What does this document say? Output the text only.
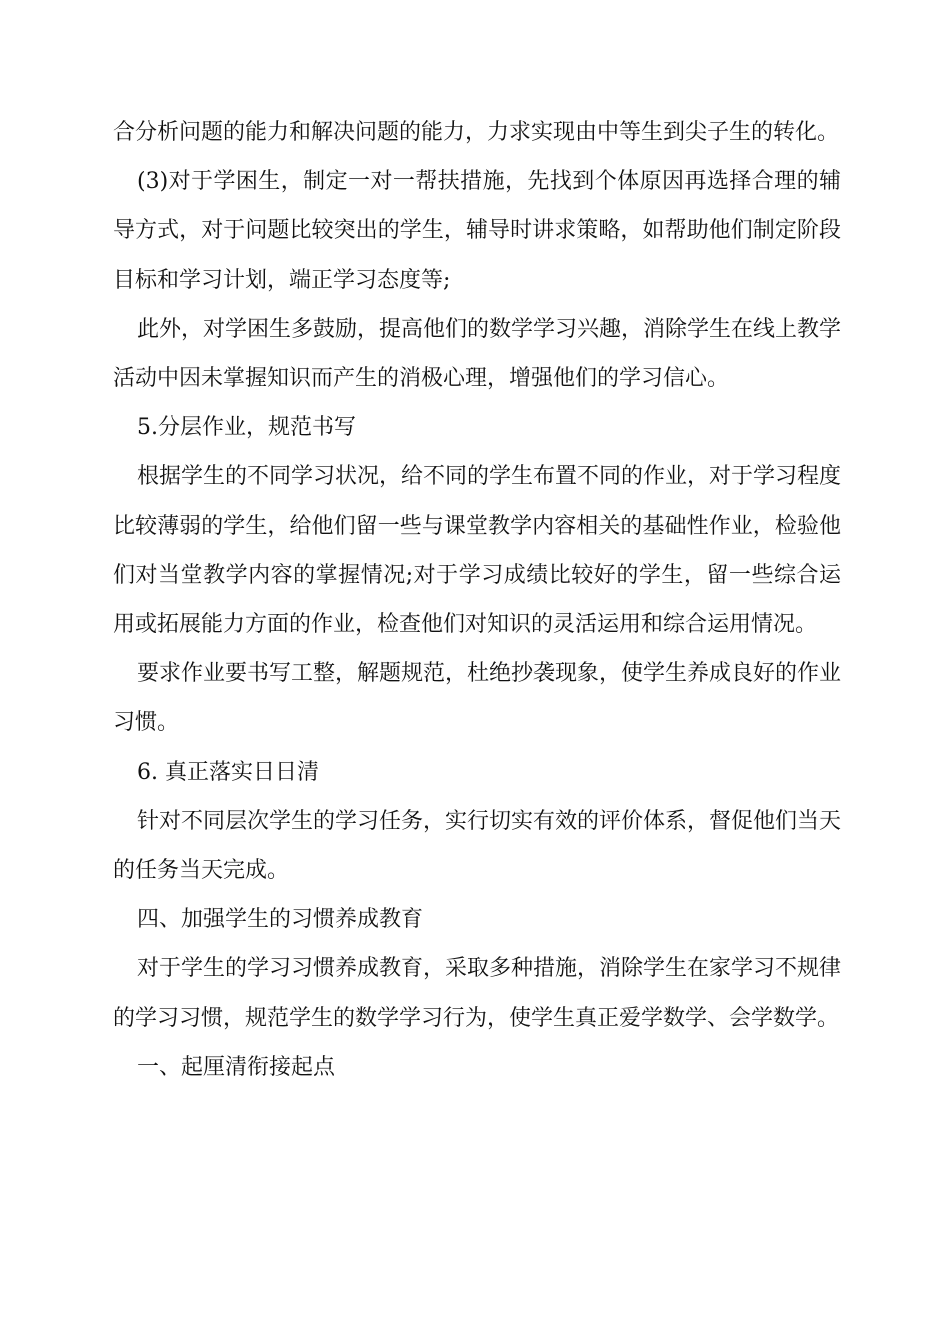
合分析问题的能力和解决问题的能力，力求实现由中等生到尖子生的转化。

(3)对于学困生，制定一对一帮扶措施，先找到个体原因再选择合理的辅导方式，对于问题比较突出的学生，辅导时讲求策略，如帮助他们制定阶段目标和学习计划，端正学习态度等;

此外，对学困生多鼓励，提高他们的数学学习兴趣，消除学生在线上教学活动中因未掌握知识而产生的消极心理，增强他们的学习信心。

5.分层作业，规范书写

根据学生的不同学习状况，给不同的学生布置不同的作业，对于学习程度比较薄弱的学生，给他们留一些与课堂教学内容相关的基础性作业，检验他们对当堂教学内容的掌握情况;对于学习成绩比较好的学生，留一些综合运用或拓展能力方面的作业，检查他们对知识的灵活运用和综合运用情况。

要求作业要书写工整，解题规范，杜绝抄袭现象，使学生养成良好的作业习惯。

6. 真正落实日日清

针对不同层次学生的学习任务，实行切实有效的评价体系，督促他们当天的任务当天完成。

四、加强学生的习惯养成教育

对于学生的学习习惯养成教育，采取多种措施，消除学生在家学习不规律的学习习惯，规范学生的数学学习行为，使学生真正爱学数学、会学数学。

一、起厘清衔接起点
